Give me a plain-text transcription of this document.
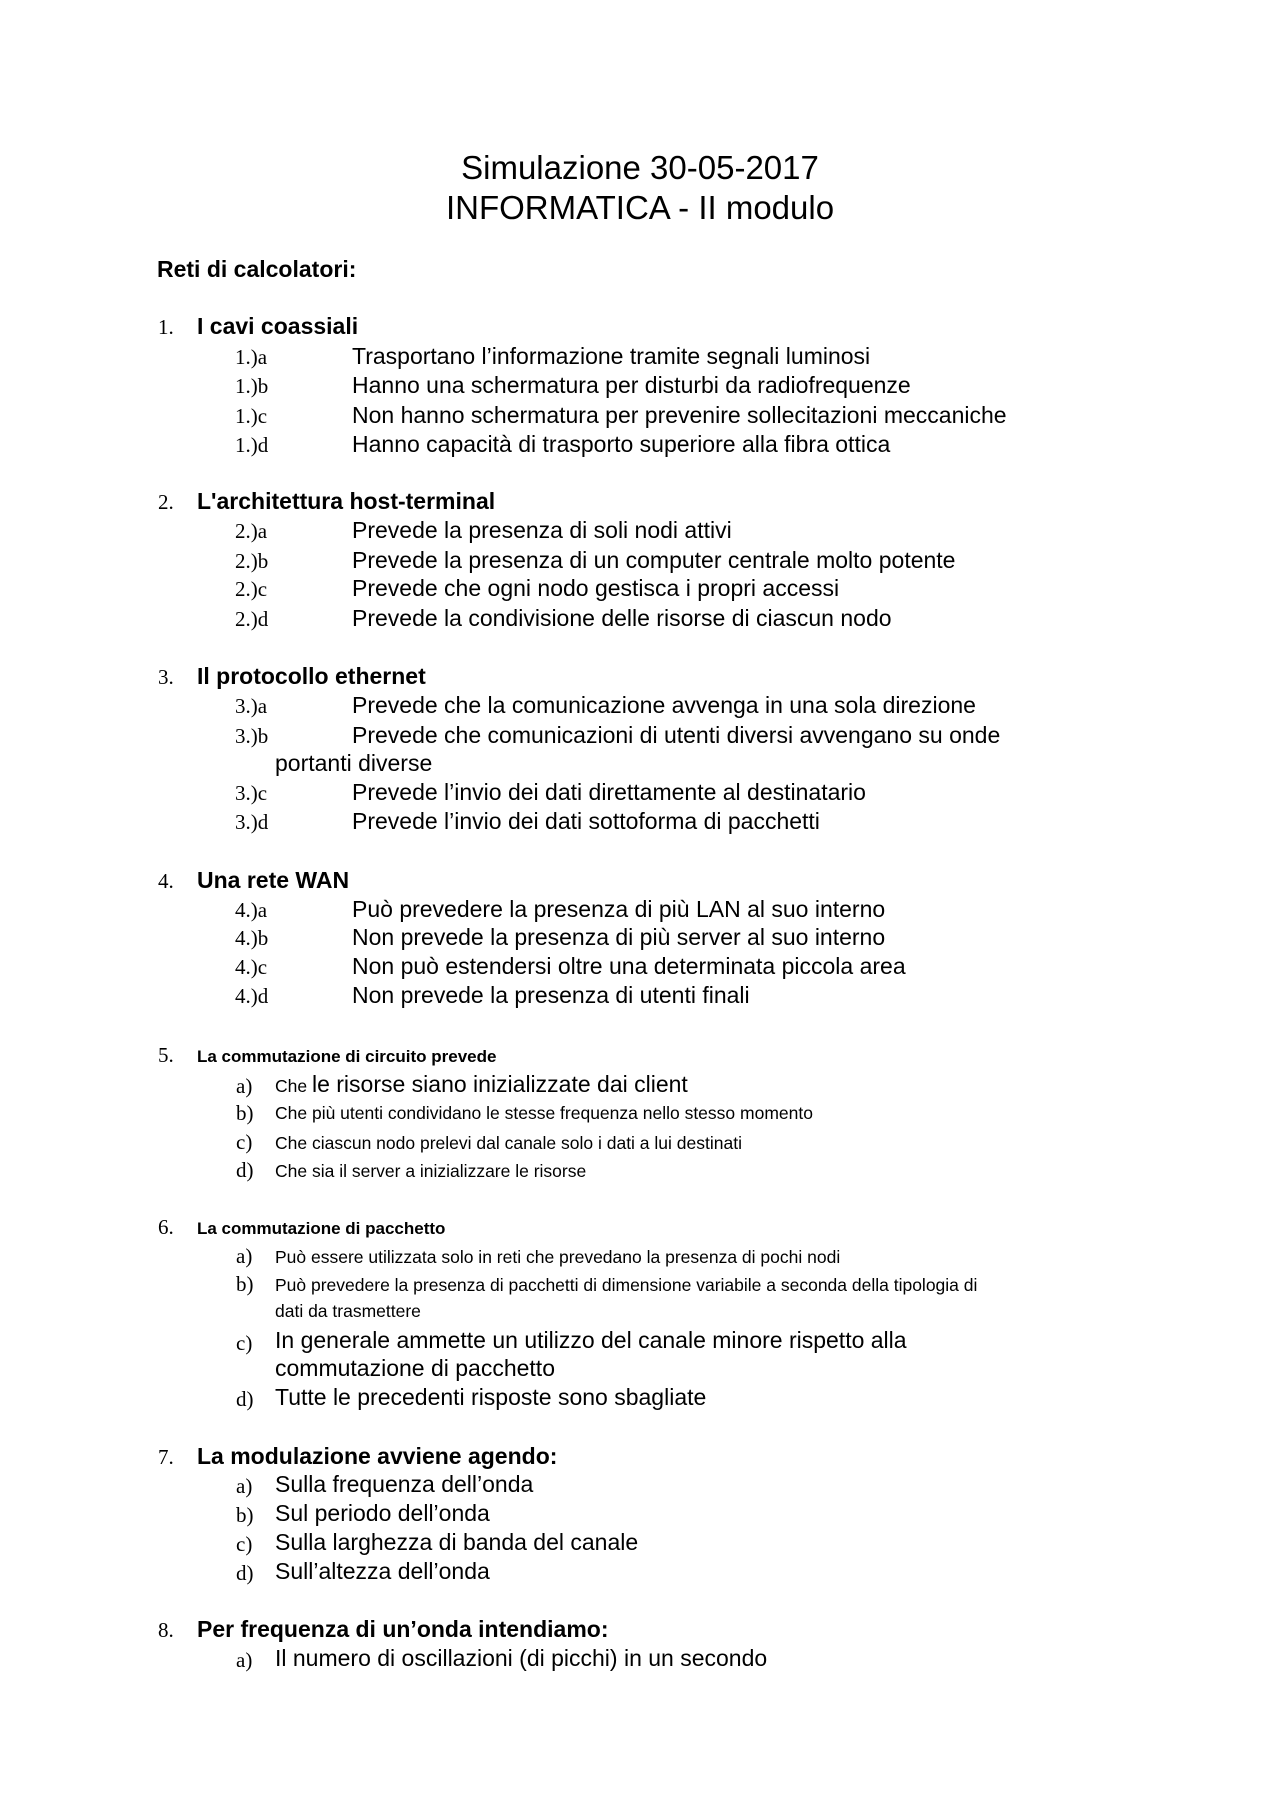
Simulazione 30-05-2017
INFORMATICA - II modulo
Reti di calcolatori:
1. I cavi coassiali
1.)a	Trasportano l’informazione tramite segnali luminosi
1.)b	Hanno una schermatura per disturbi da radiofrequenze
1.)c	Non hanno schermatura per prevenire sollecitazioni meccaniche
1.)d	Hanno capacità di trasporto superiore alla fibra ottica
2. L'architettura host-terminal
2.)a	Prevede la presenza di soli nodi attivi
2.)b	Prevede la presenza di un computer centrale molto potente
2.)c	Prevede che ogni nodo gestisca i propri accessi
2.)d	Prevede la condivisione delle risorse di ciascun nodo
3. Il protocollo ethernet
3.)a	Prevede che la comunicazione avvenga in una sola direzione
3.)b	Prevede che comunicazioni di utenti diversi avvengano su onde
portanti diverse
3.)c	Prevede l’invio dei dati direttamente al destinatario
3.)d	Prevede l’invio dei dati sottoforma di pacchetti
4. Una rete WAN
4.)a	Può prevedere la presenza di più LAN al suo interno
4.)b	Non prevede la presenza di più server al suo interno
4.)c	Non può estendersi oltre una determinata piccola area
4.)d	Non prevede la presenza di utenti finali
5. La commutazione di circuito prevede
a) Che le risorse siano inizializzate dai client
b) Che più utenti condividano le stesse frequenza nello stesso momento
c) Che ciascun nodo prelevi dal canale solo i dati a lui destinati
d) Che sia il server a inizializzare le risorse
6. La commutazione di pacchetto
a) Può essere utilizzata solo in reti che prevedano la presenza di pochi nodi
b) Può prevedere la presenza di pacchetti di dimensione variabile a seconda della tipologia di
dati da trasmettere
c) In generale ammette un utilizzo del canale minore rispetto alla
commutazione di pacchetto
d) Tutte le precedenti risposte sono sbagliate
7. La modulazione avviene agendo:
a) Sulla frequenza dell’onda
b) Sul periodo dell’onda
c) Sulla larghezza di banda del canale
d) Sull’altezza dell’onda
8. Per frequenza di un’onda intendiamo:
a) Il numero di oscillazioni (di picchi) in un secondo
